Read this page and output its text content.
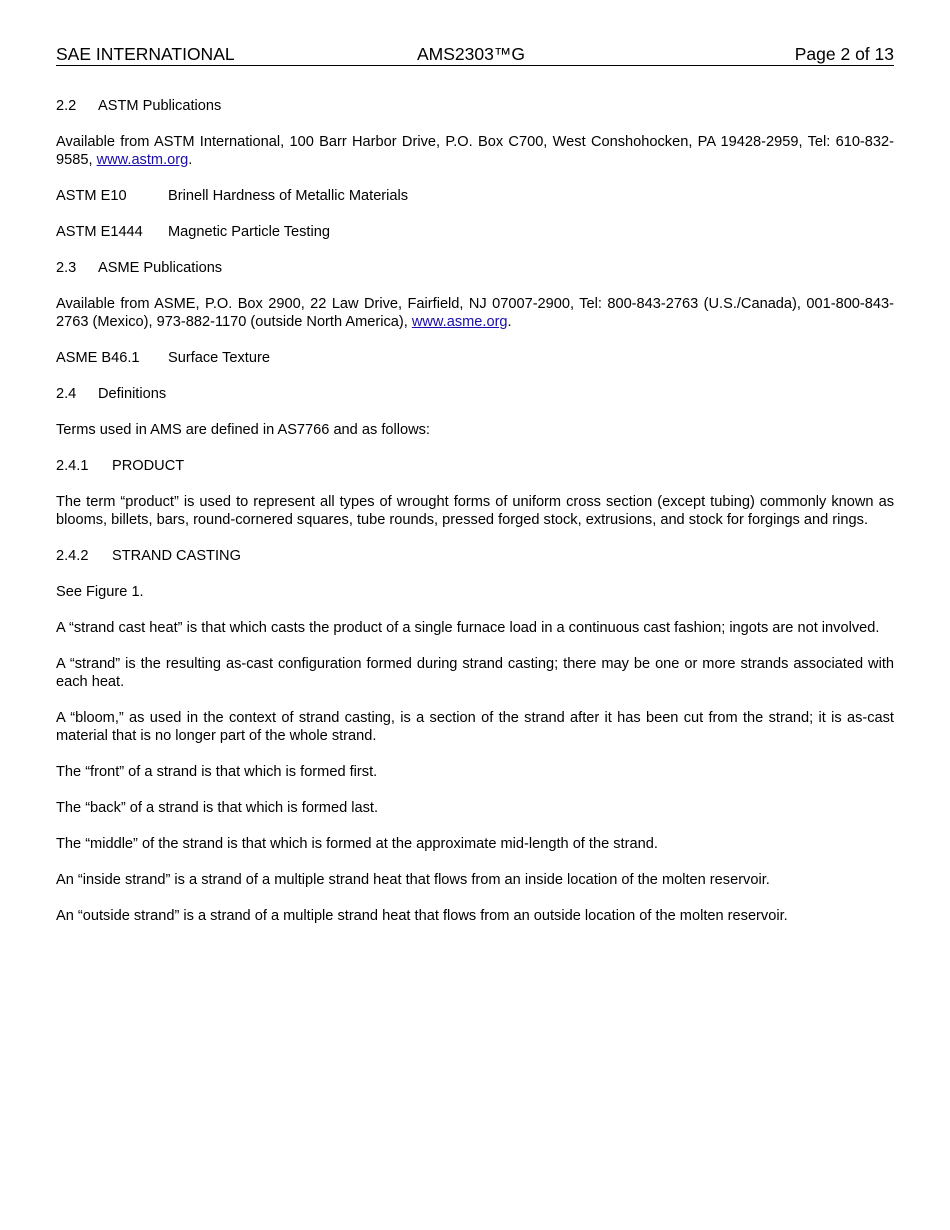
SAE INTERNATIONAL	AMS2303™G	Page 2 of 13
2.2 ASTM Publications

Available from ASTM International, 100 Barr Harbor Drive, P.O. Box C700, West Conshohocken, PA 19428-2959, Tel: 610-832-9585, www.astm.org.

ASTM E10	Brinell Hardness of Metallic Materials
ASTM E1444 Magnetic Particle Testing
2.3 ASME Publications

Available from ASME, P.O. Box 2900, 22 Law Drive, Fairfield, NJ 07007-2900, Tel: 800-843-2763 (U.S./Canada), 001-800-843-2763 (Mexico), 973-882-1170 (outside North America), www.asme.org.

ASME B46.1 Surface Texture
2.4 Definitions

Terms used in AMS are defined in AS7766 and as follows:

2.4.1 PRODUCT

The term “product” is used to represent all types of wrought forms of uniform cross section (except tubing) commonly known as blooms, billets, bars, round-cornered squares, tube rounds, pressed forged stock, extrusions, and stock for forgings and rings.

2.4.2 STRAND CASTING

See Figure 1.

A “strand cast heat” is that which casts the product of a single furnace load in a continuous cast fashion; ingots are not involved.

A “strand” is the resulting as-cast configuration formed during strand casting; there may be one or more strands associated with each heat.

A “bloom,” as used in the context of strand casting, is a section of the strand after it has been cut from the strand; it is as-cast material that is no longer part of the whole strand.

The “front” of a strand is that which is formed first.

The “back” of a strand is that which is formed last.

The “middle” of the strand is that which is formed at the approximate mid-length of the strand.

An “inside strand” is a strand of a multiple strand heat that flows from an inside location of the molten reservoir.

An “outside strand” is a strand of a multiple strand heat that flows from an outside location of the molten reservoir.
